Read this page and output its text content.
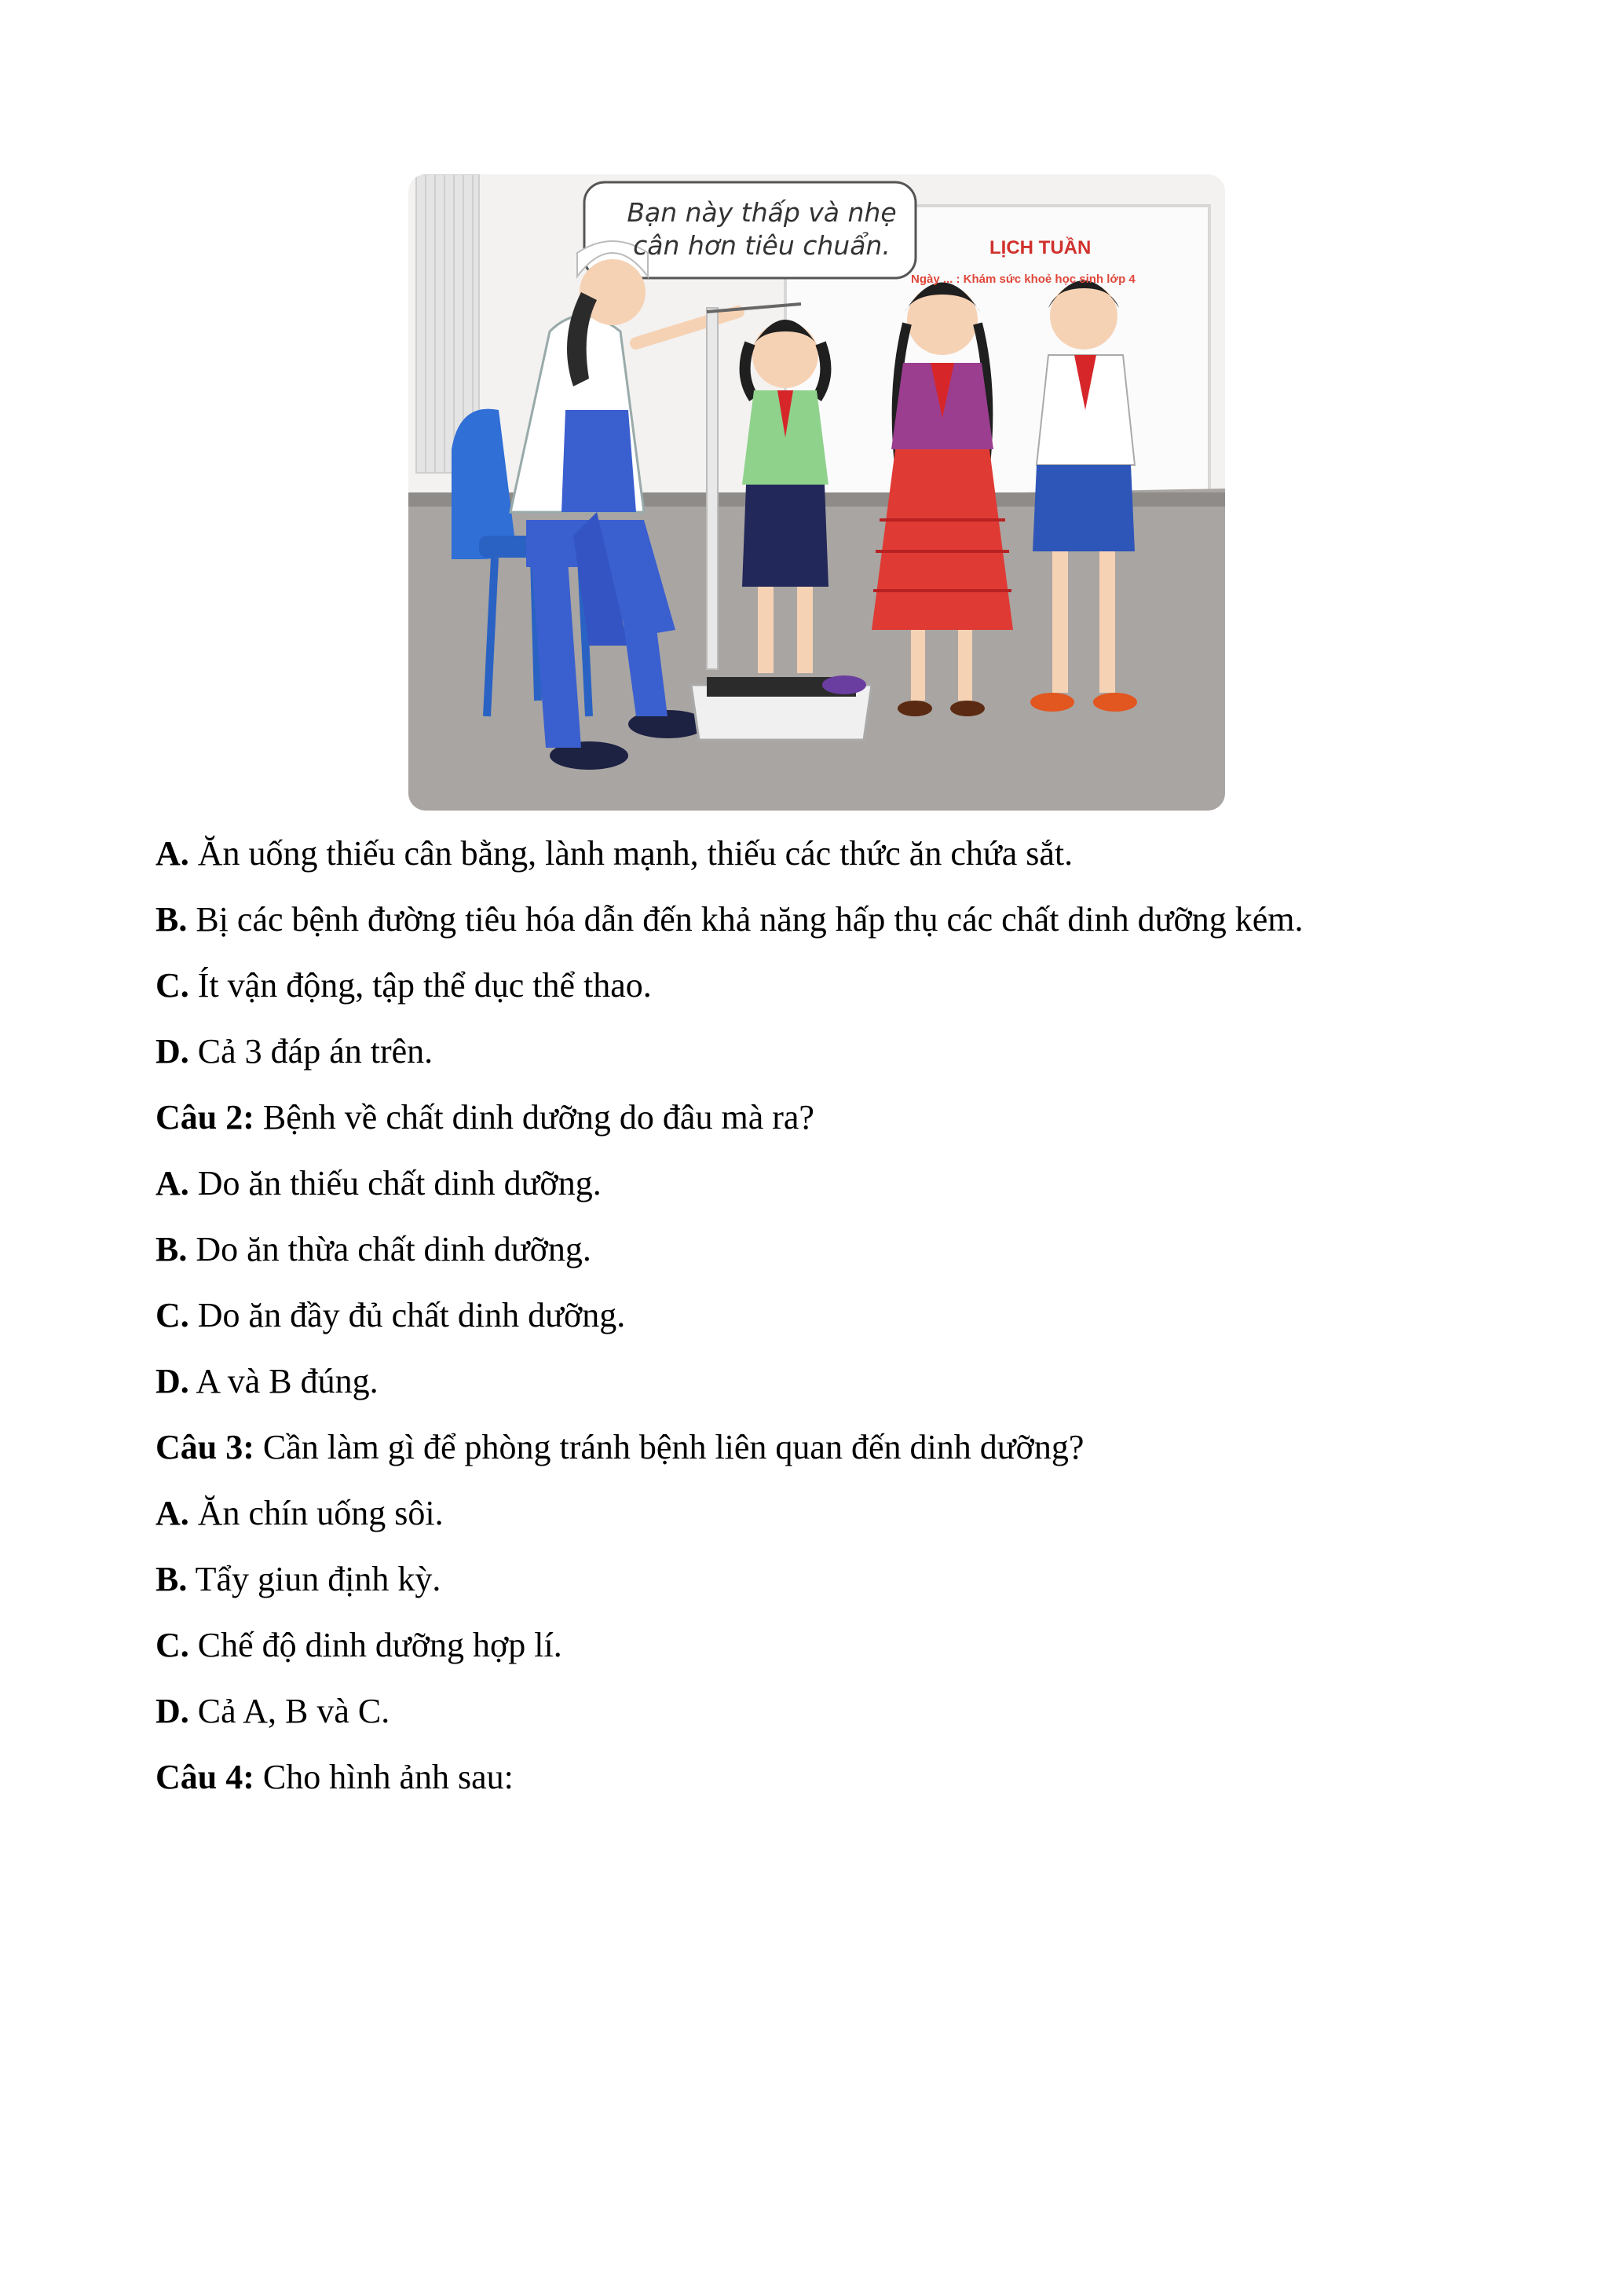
Bạn này thấp và nhẹ
cân hơn tiêu chuẩn.	LỊCH TUẦN
Ngày ... : Khám sức khoẻ học sinh lớp 4
A. Ăn uống thiếu cân bằng, lành mạnh, thiếu các thức ăn chứa sắt.
B. Bị các bệnh đường tiêu hóa dẫn đến khả năng hấp thụ các chất dinh dưỡng kém.
C. Ít vận động, tập thể dục thể thao.
D. Cả 3 đáp án trên.
Câu 2: Bệnh về chất dinh dưỡng do đâu mà ra?
A. Do ăn thiếu chất dinh dưỡng.
B. Do ăn thừa chất dinh dưỡng.
C. Do ăn đầy đủ chất dinh dưỡng.
D. A và B đúng.
Câu 3: Cần làm gì để phòng tránh bệnh liên quan đến dinh dưỡng?
A. Ăn chín uống sôi.
B. Tẩy giun định kỳ.
C. Chế độ dinh dưỡng hợp lí.
D. Cả A, B và C.
Câu 4: Cho hình ảnh sau:
